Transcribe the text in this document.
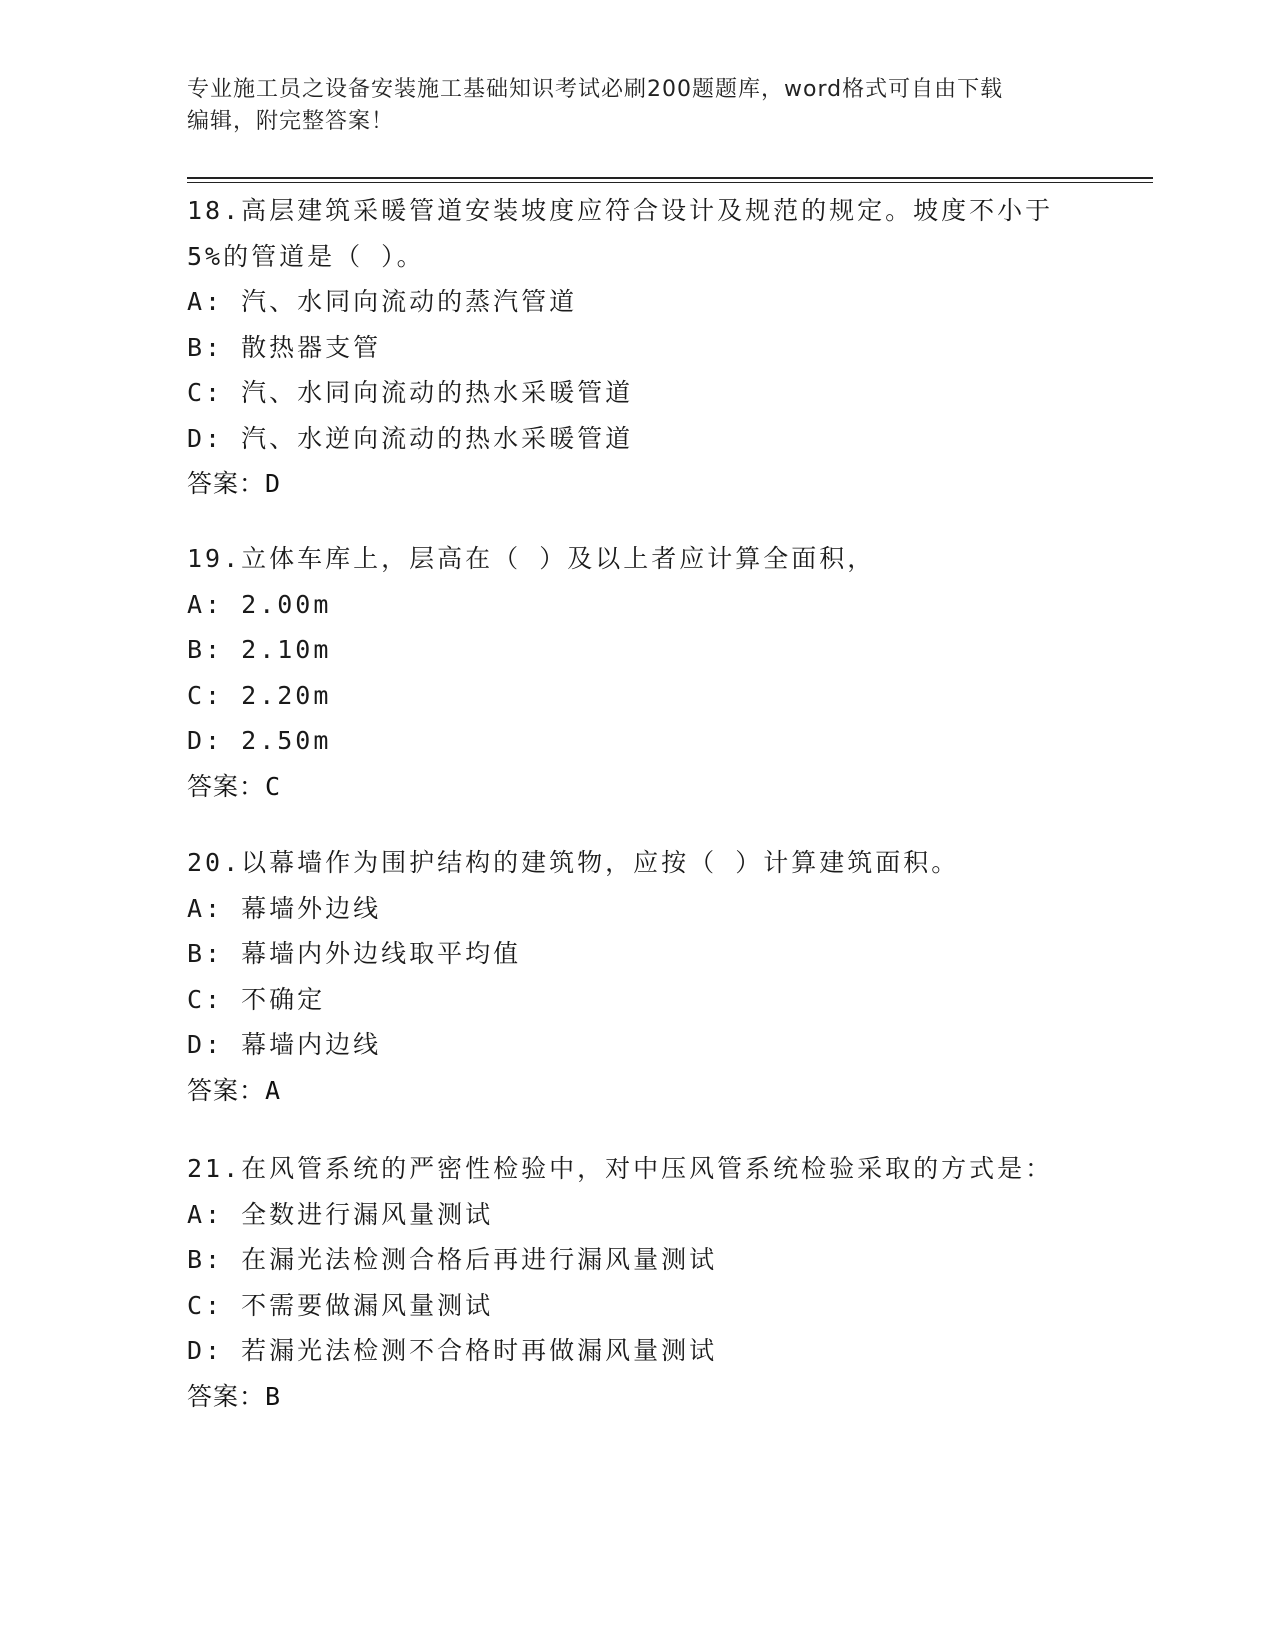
专业施工员之设备安装施工基础知识考试必刷200题题库，word格式可自由下载
编辑，附完整答案！
18.高层建筑采暖管道安装坡度应符合设计及规范的规定。坡度不小于
5%的管道是（ ）。
A: 汽、水同向流动的蒸汽管道
B: 散热器支管
C: 汽、水同向流动的热水采暖管道
D: 汽、水逆向流动的热水采暖管道
答案：D
19.立体车库上，层高在（ ）及以上者应计算全面积，
A: 2.00m
B: 2.10m
C: 2.20m
D: 2.50m
答案：C
20.以幕墙作为围护结构的建筑物，应按（ ）计算建筑面积。
A: 幕墙外边线
B: 幕墙内外边线取平均值
C: 不确定
D: 幕墙内边线
答案：A
21.在风管系统的严密性检验中，对中压风管系统检验采取的方式是：
A: 全数进行漏风量测试
B: 在漏光法检测合格后再进行漏风量测试
C: 不需要做漏风量测试
D: 若漏光法检测不合格时再做漏风量测试
答案：B
